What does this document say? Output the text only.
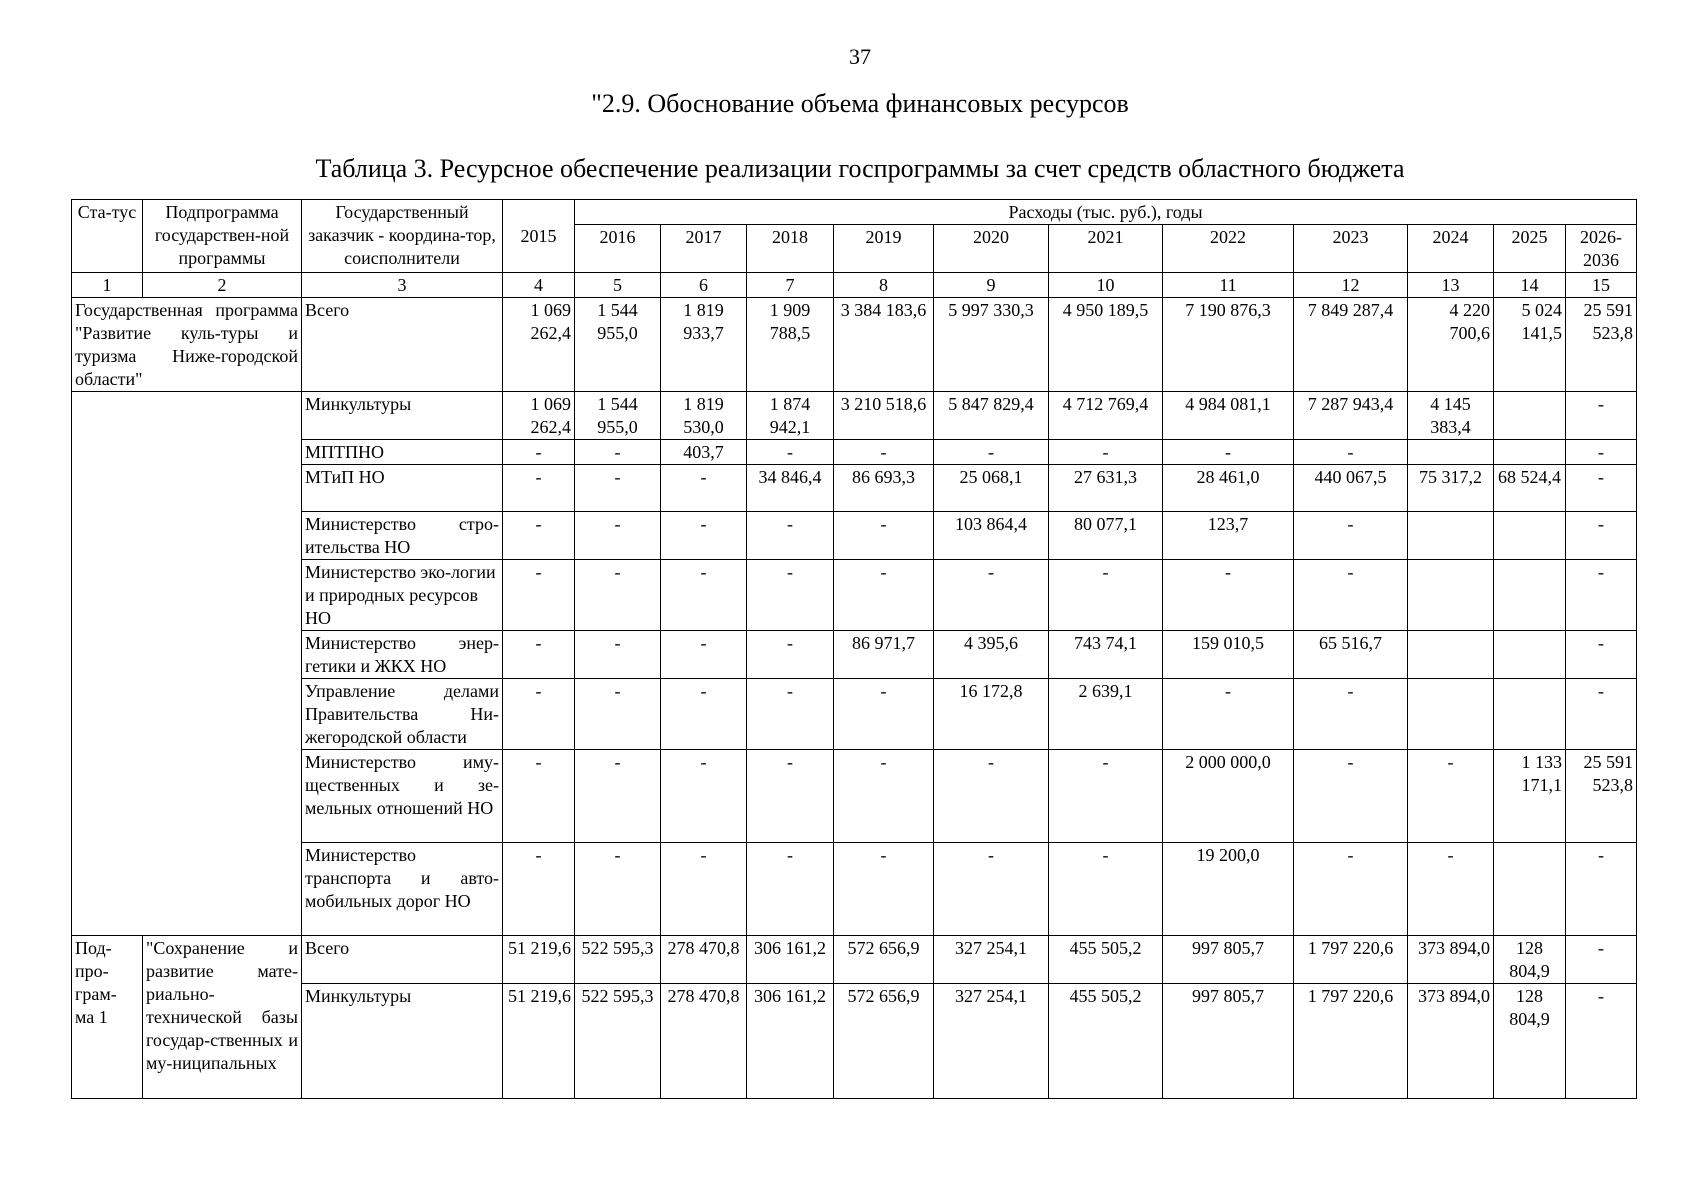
37
"2.9. Обоснование объема финансовых ресурсов
Таблица 3. Ресурсное обеспечение реализации госпрограммы за счет средств областного бюджета
Ста-тус	Подпрограмма государствен-ной программы	Государственный заказчик - координа-тор, соисполнители	2015	Расходы (тыс. руб.), годы										
				2016	2017	2018	2019	2020	2021	2022	2023	2024	2025	2026-2036

1	2	3	4	5	6	7	8	9	10	11	12	13	14	15
Государственная программа "Развитие куль-туры и туризма Ниже-городской области"		Всего	1 069 262,4	1 544 955,0	1 819 933,7	1 909 788,5	3 384 183,6	5 997 330,3	4 950 189,5	7 190 876,3	7 849 287,4	4 220 700,6	5 024 141,5	25 591 523,8
		Минкультуры	1 069 262,4	1 544 955,0	1 819 530,0	1 874 942,1	3 210 518,6	5 847 829,4	4 712 769,4	4 984 081,1	7 287 943,4	4 145 383,4		-
		МПТПНО	-	-	403,7	-	-	-	-	-	-			-
		МТиП НО	-	-	-	34 846,4	86 693,3	25 068,1	27 631,3	28 461,0	440 067,5	75 317,2	68 524,4	-
		Министерство стро-ительства НО	-	-	-	-	-	103 864,4	80 077,1	123,7	-			-
		Министерство эко-логии и природных ресурсов НО	-	-	-	-	-	-	-	-	-			-
		Министерство энер-гетики и ЖКХ НО	-	-	-	-	86 971,7	4 395,6	743 74,1	159 010,5	65 516,7			-
		Управление делами Правительства Ни-жегородской области	-	-	-	-	-	16 172,8	2 639,1	-	-			-
		Министерство иму-щественных и зе-мельных отношений НО	-	-	-	-	-	-	-	2 000 000,0	-	-	1 133 171,1	25 591 523,8
		Министерство транспорта и авто-мобильных дорог НО	-	-	-	-	-	-	-	19 200,0	-	-		-
Под-про-грам-ма 1	"Сохранение и развитие мате-риально-технической базы государ-ственных и му-ниципальных	Всего	51 219,6	522 595,3	278 470,8	306 161,2	572 656,9	327 254,1	455 505,2	997 805,7	1 797 220,6	373 894,0	128 804,9	-
		Минкультуры	51 219,6	522 595,3	278 470,8	306 161,2	572 656,9	327 254,1	455 505,2	997 805,7	1 797 220,6	373 894,0	128 804,9	-
